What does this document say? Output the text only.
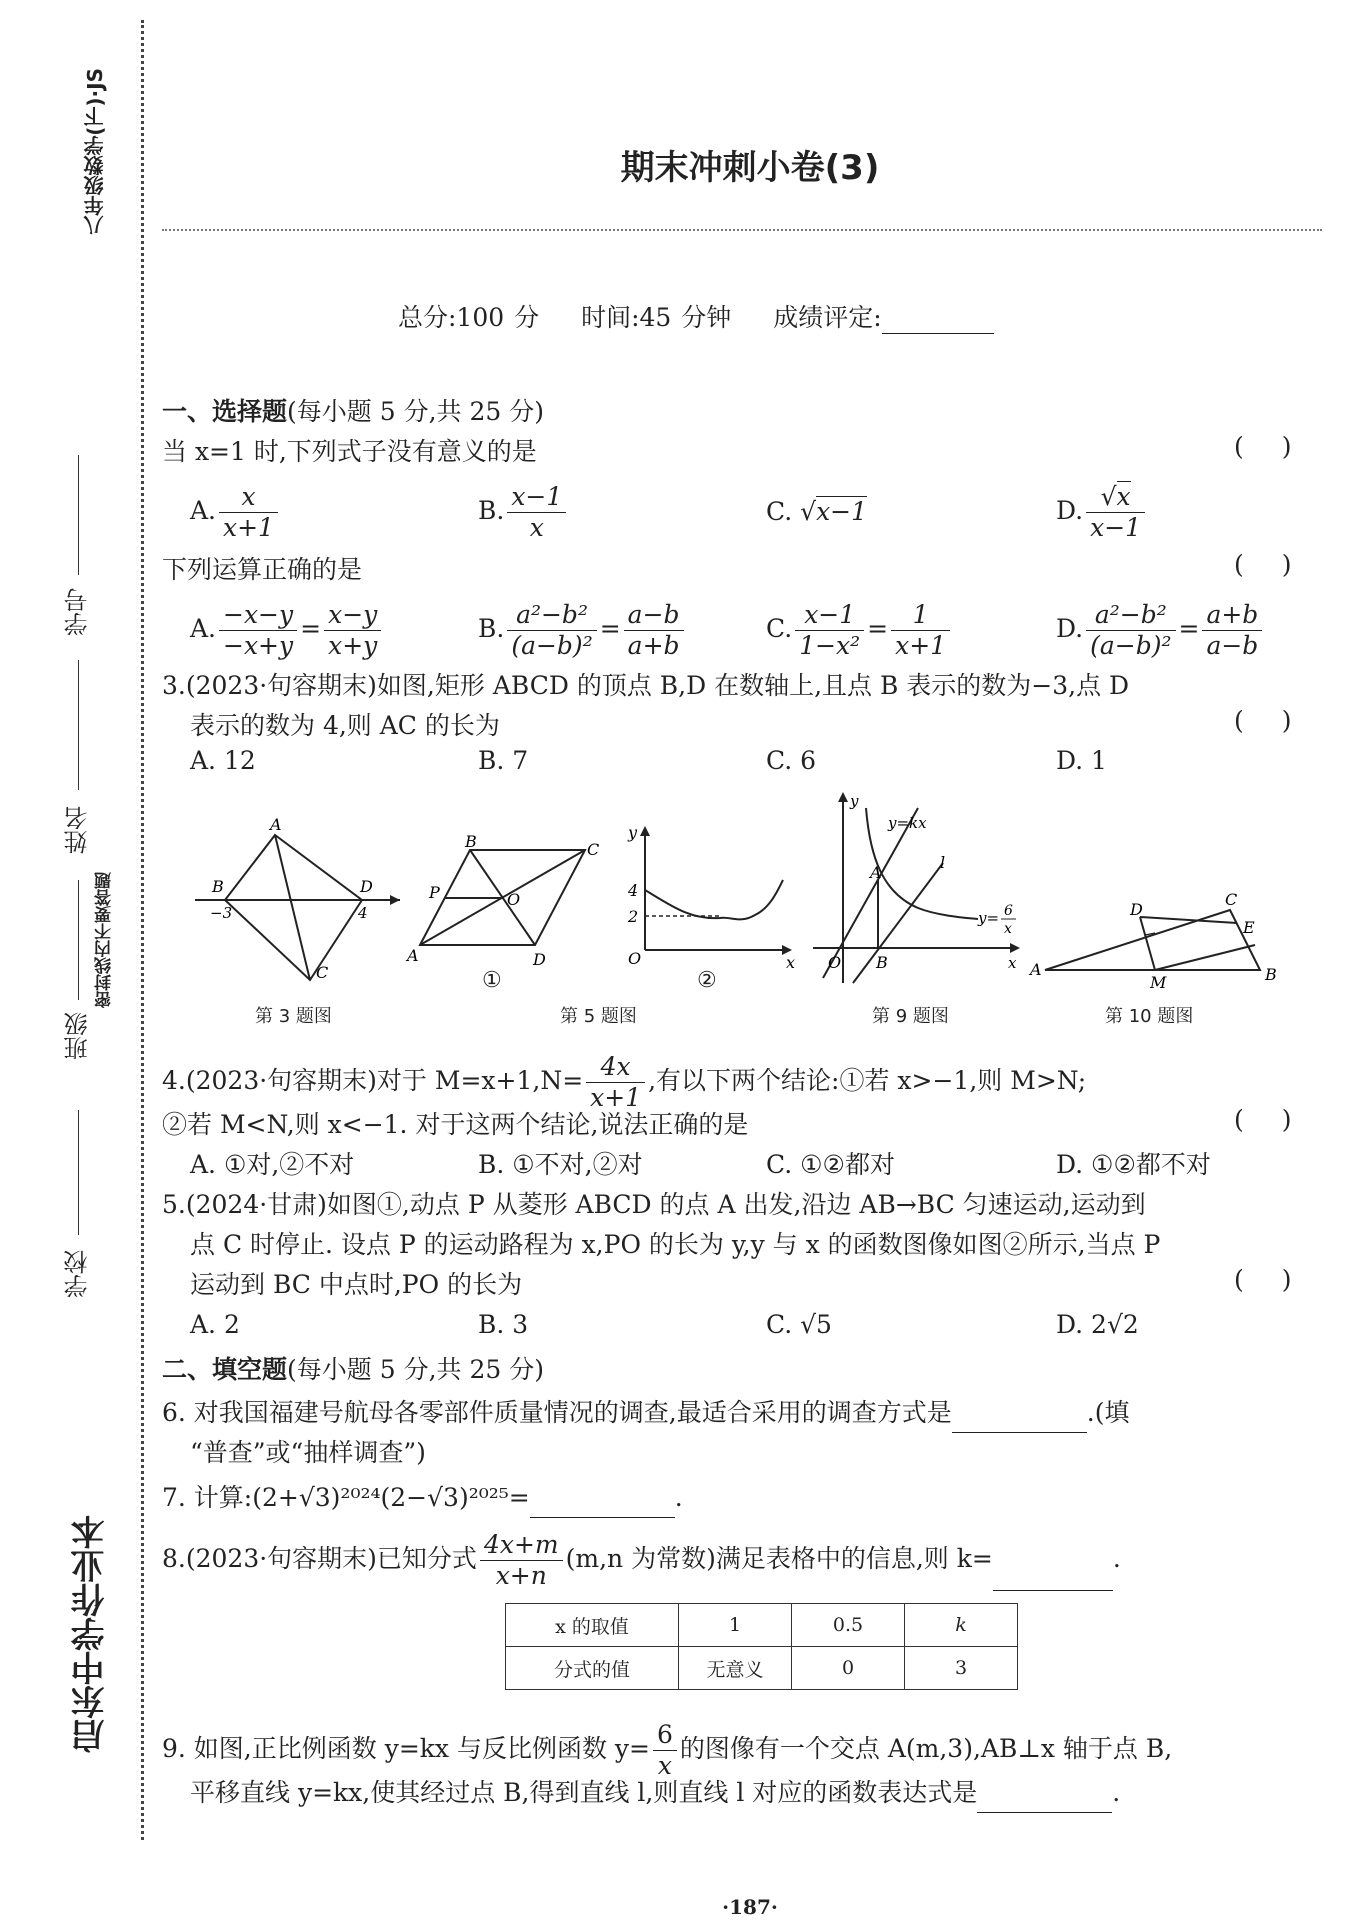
八年级数学(下)·JS
密封线内不要答题
启东中学作业本
学校
班级
姓名
学号
期末冲刺小卷(3)
总分:100 分 时间:45 分钟 成绩评定:
一、选择题(每小题 5 分,共 25 分)
当 x=1 时,下列式子没有意义的是	()
A. $\frac{x}{x+1}$	B. $\frac{x-1}{x}$	C. √x−1	D. $\frac{√x}{x-1}$
下列运算正确的是	()
A. $\frac{-x-y}{-x+y} = \frac{x-y}{x+y}$	B. $\frac{\text{a²−b²}}{\text{(a−b)²}} = \frac{a-b}{a+b}$	C. $\frac{x-1}{\text{1−x²}} = \frac{1}{x+1}$	D. $\frac{\text{a²−b²}}{\text{(a−b)²}} = \frac{a+b}{a-b}$
3.(2023·句容期末)如图,矩形 ABCD 的顶点 B,D 在数轴上,且点 B 表示的数为−3,点 D
表示的数为 4,则 AC 的长为	()
A. 12	B. 7	C. 6	D. 1
A
B
−3
D
4
C
第 3 题图
A
B	C
D
P	O
①
y
4
2
O	x
②
第 5 题图
y
y=kx
A
l
y= 6
x
O B	x
第 9 题图
A	B
C
D
E
M
第 10 题图
4.(2023·句容期末)对于 $M=x+1,N= \frac{4x}{x+1}$ ,有以下两个结论:①若 x>−1,则 M>N;
②若 M<N,则 x<−1. 对于这两个结论,说法正确的是	()
A. ①对,②不对	B. ①不对,②对	C. ①②都对	D. ①②都不对
5.(2024·甘肃)如图①,动点 P 从菱形 ABCD 的点 A 出发,沿边 AB→BC 匀速运动,运动到
点 C 时停止. 设点 P 的运动路程为 x,PO 的长为 y,y 与 x 的函数图像如图②所示,当点 P
运动到 BC 中点时,PO 的长为	()
A. 2	B. 3	C. √5	D. 2√2
二、填空题(每小题 5 分,共 25 分)
6. 对我国福建号航母各零部件质量情况的调查,最适合采用的调查方式是	.(填
“普查”或“抽样调查”)
7. 计算:(2+√3)²⁰²⁴(2−√3)²⁰²⁵=	.
8.(2023·句容期末)已知分式 $\frac{4x+m}{x+n} (m,n$ 为常数)满足表格中的信息,则 k=	.
x 的取值	1	0.5	k
分式的值	无意义	0	3
9. 如图,正比例函数 y=kx 与反比例函数 $y= \frac{6}{x}$ 的图像有一个交点 A(m,3),AB⊥x 轴于点 B,
平移直线 y=kx,使其经过点 B,得到直线 l,则直线 l 对应的函数表达式是	.
·187·
